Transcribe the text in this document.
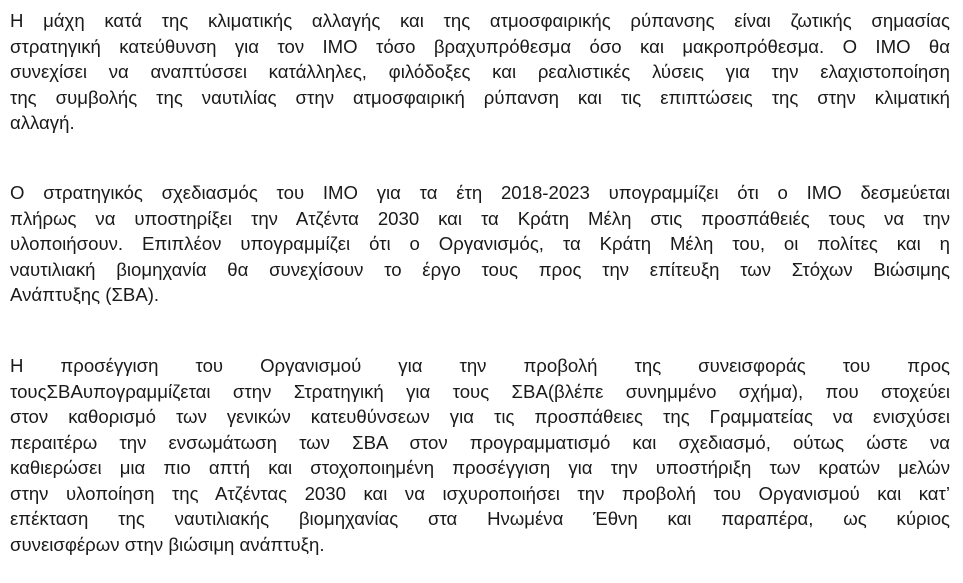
Η μάχη κατά της κλιματικής αλλαγής και της ατμοσφαιρικής ρύπανσης είναι ζωτικής σημασίας
στρατηγική κατεύθυνση για τον IMO τόσο βραχυπρόθεσμα όσο και μακροπρόθεσμα. Ο ΙΜΟ θα
συνεχίσει να αναπτύσσει κατάλληλες, φιλόδοξες και ρεαλιστικές λύσεις για την ελαχιστοποίηση
της συμβολής της ναυτιλίας στην ατμοσφαιρική ρύπανση και τις επιπτώσεις της στην κλιματική
αλλαγή.
Ο στρατηγικός σχεδιασμός του IMO για τα έτη 2018-2023 υπογραμμίζει ότι ο IMO δεσμεύεται
πλήρως να υποστηρίξει την Ατζέντα 2030 και τα Κράτη Μέλη στις προσπάθειές τους να την
υλοποιήσουν. Επιπλέον υπογραμμίζει ότι ο Οργανισμός, τα Κράτη Μέλη του, οι πολίτες και η
ναυτιλιακή βιομηχανία θα συνεχίσουν το έργο τους προς την επίτευξη των Στόχων Βιώσιμης
Ανάπτυξης (ΣΒΑ).
Η προσέγγιση του Οργανισμού για την προβολή της συνεισφοράς του προς
τουςΣΒΑυπογραμμίζεται στην Στρατηγική για τους ΣΒΑ(βλέπε συνημμένο σχήμα), που στοχεύει
στον καθορισμό των γενικών κατευθύνσεων για τις προσπάθειες της Γραμματείας να ενισχύσει
περαιτέρω την ενσωμάτωση των ΣΒΑ στον προγραμματισμό και σχεδιασμό, ούτως ώστε να
καθιερώσει μια πιο απτή και στοχοποιημένη προσέγγιση για την υποστήριξη των κρατών μελών
στην υλοποίηση της Ατζέντας 2030 και να ισχυροποιήσει την προβολή του Οργανισμού και κατ’
επέκταση της ναυτιλιακής βιομηχανίας στα Ηνωμένα Έθνη και παραπέρα, ως κύριος
συνεισφέρων στην βιώσιμη ανάπτυξη.
